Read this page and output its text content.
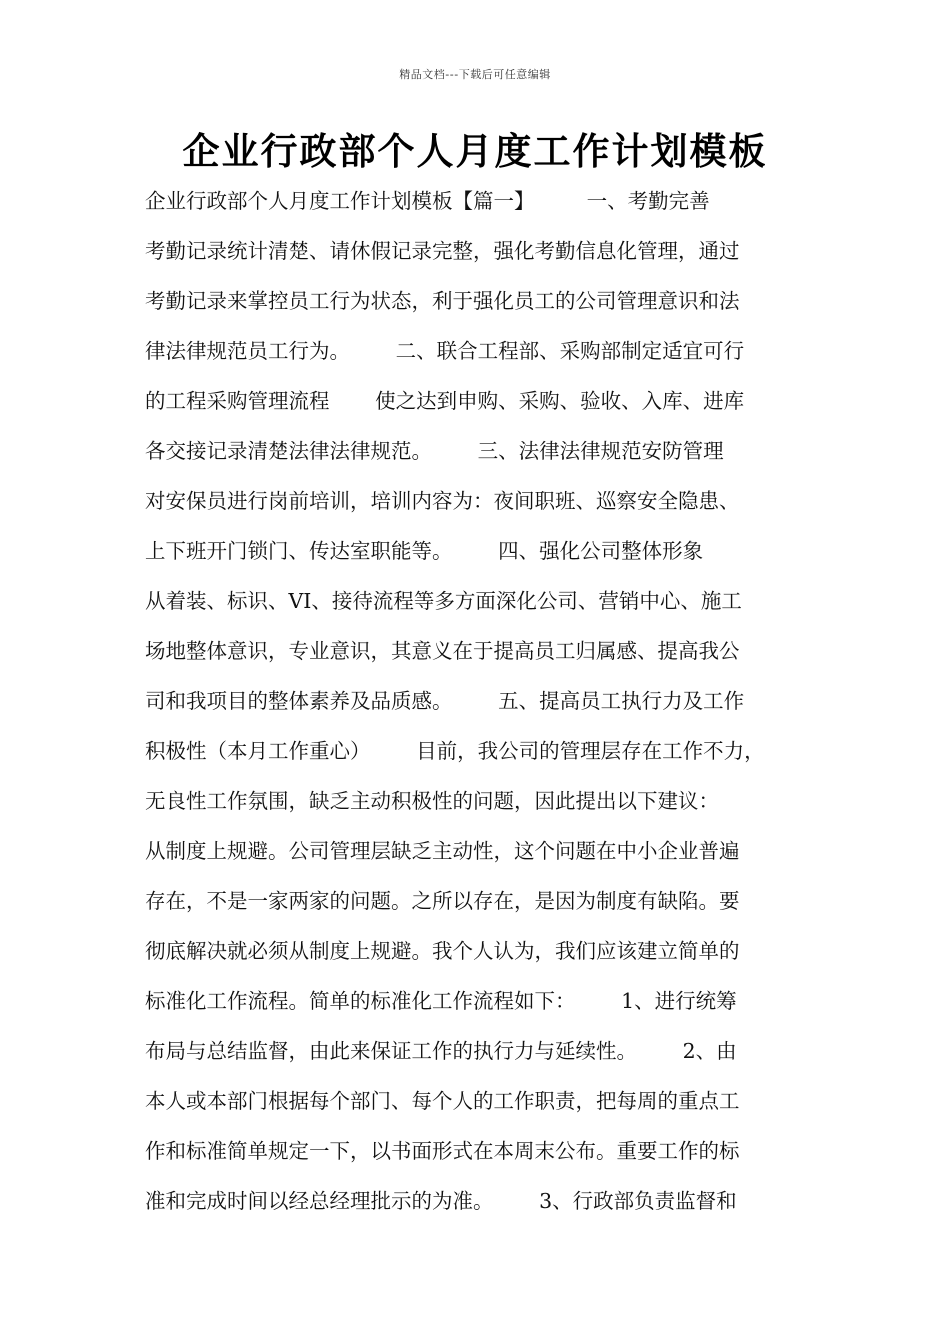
精品文档---下载后可任意编辑
企业行政部个人月度工作计划模板
企业行政部个人月度工作计划模板【篇一】        一、考勤完善
考勤记录统计清楚、请休假记录完整，强化考勤信息化管理，通过
考勤记录来掌控员工行为状态，利于强化员工的公司管理意识和法
律法律规范员工行为。       二、联合工程部、采购部制定适宜可行
的工程采购管理流程       使之达到申购、采购、验收、入库、进库
各交接记录清楚法律法律规范。       三、法律法律规范安防管理
对安保员进行岗前培训，培训内容为：夜间职班、巡察安全隐患、
上下班开门锁门、传达室职能等。       四、强化公司整体形象
从着装、标识、VI、接待流程等多方面深化公司、营销中心、施工
场地整体意识，专业意识，其意义在于提高员工归属感、提高我公
司和我项目的整体素养及品质感。       五、提高员工执行力及工作
积极性（本月工作重心）       目前，我公司的管理层存在工作不力，
无良性工作氛围，缺乏主动积极性的问题，因此提出以下建议：
从制度上规避。公司管理层缺乏主动性，这个问题在中小企业普遍
存在，不是一家两家的问题。之所以存在，是因为制度有缺陷。要
彻底解决就必须从制度上规避。我个人认为，我们应该建立简单的
标准化工作流程。简单的标准化工作流程如下：       1、进行统筹
布局与总结监督，由此来保证工作的执行力与延续性。       2、由
本人或本部门根据每个部门、每个人的工作职责，把每周的重点工
作和标准简单规定一下，以书面形式在本周末公布。重要工作的标
准和完成时间以经总经理批示的为准。       3、行政部负责监督和
